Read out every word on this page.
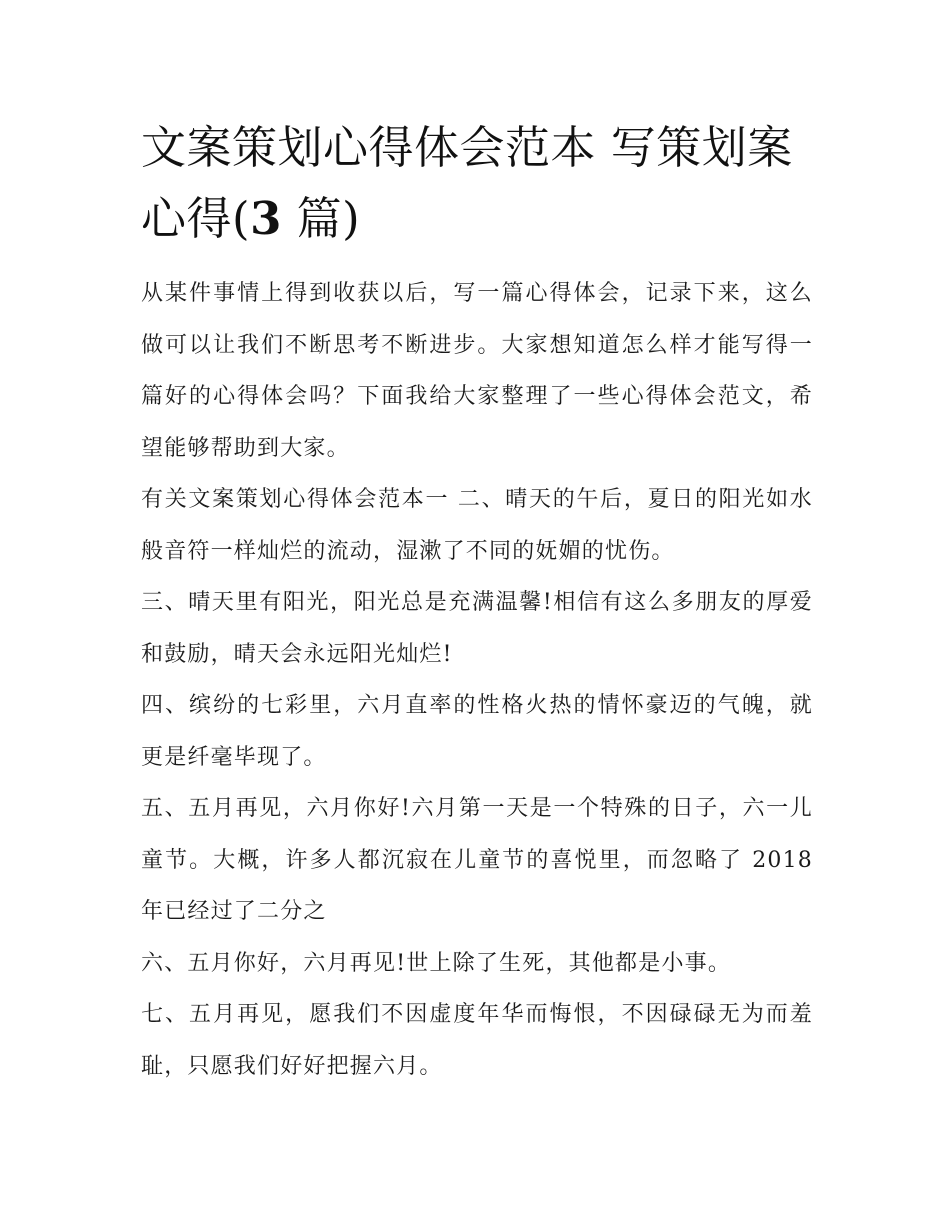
文案策划心得体会范本 写策划案心得(3 篇)

从某件事情上得到收获以后，写一篇心得体会，记录下来，这么做可以让我们不断思考不断进步。大家想知道怎么样才能写得一篇好的心得体会吗？下面我给大家整理了一些心得体会范文，希望能够帮助到大家。

有关文案策划心得体会范本一 二、晴天的午后，夏日的阳光如水般音符一样灿烂的流动，湿漱了不同的妩媚的忧伤。

三、晴天里有阳光，阳光总是充满温馨!相信有这么多朋友的厚爱和鼓励，晴天会永远阳光灿烂!

四、缤纷的七彩里，六月直率的性格火热的情怀豪迈的气魄，就更是纤毫毕现了。

五、五月再见，六月你好!六月第一天是一个特殊的日子，六一儿童节。大概，许多人都沉寂在儿童节的喜悦里，而忽略了 2018 年已经过了二分之

六、五月你好，六月再见!世上除了生死，其他都是小事。

七、五月再见，愿我们不因虚度年华而悔恨，不因碌碌无为而羞耻，只愿我们好好把握六月。
